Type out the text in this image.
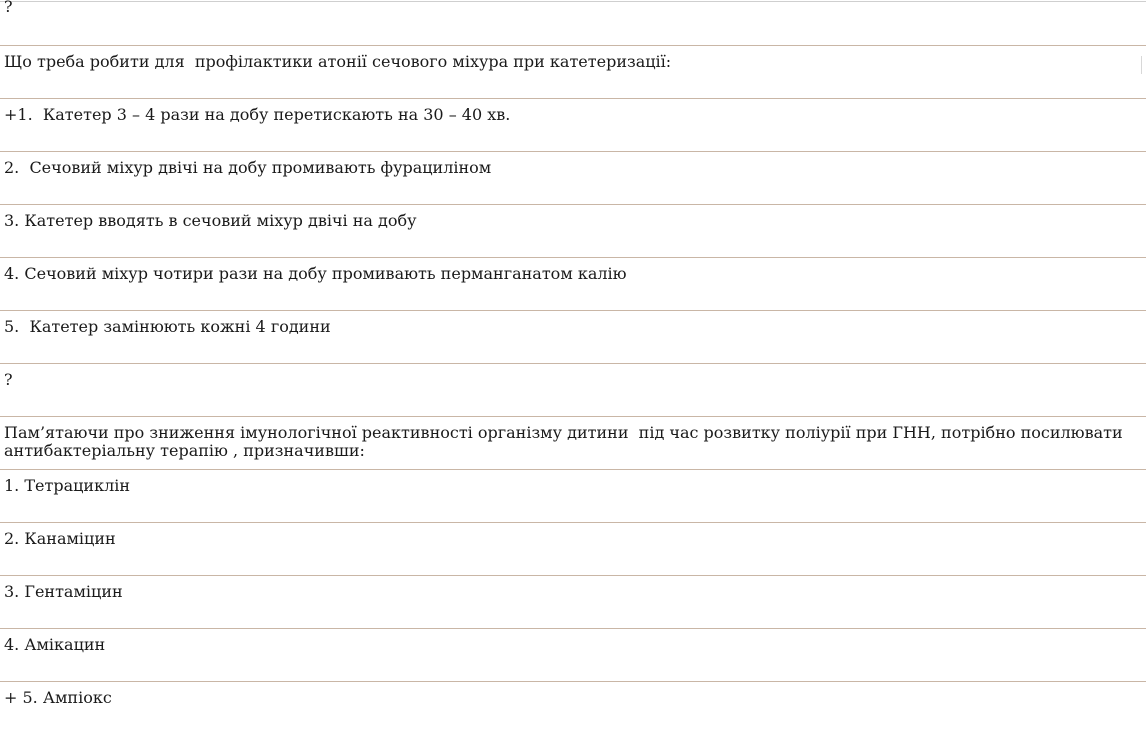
?
Що треба робити для  профілактики атонії сечового міхура при катетеризації:
+1.  Катетер 3 – 4 рази на добу перетискають на 30 – 40 хв.
2.  Сечовий міхур двічі на добу промивають фурациліном
3. Катетер вводять в сечовий міхур двічі на добу
4. Сечовий міхур чотири рази на добу промивають перманганатом калію
5.  Катетер замінюють кожні 4 години
?
Пам’ятаючи про зниження імунологічної реактивності організму дитини  під час розвитку поліурії при ГНН, потрібно посилювати антибактеріальну терапію , призначивши:
1. Тетрациклін
2. Канаміцин
3. Гентаміцин
4. Амікацин
+ 5. Ампіокс
